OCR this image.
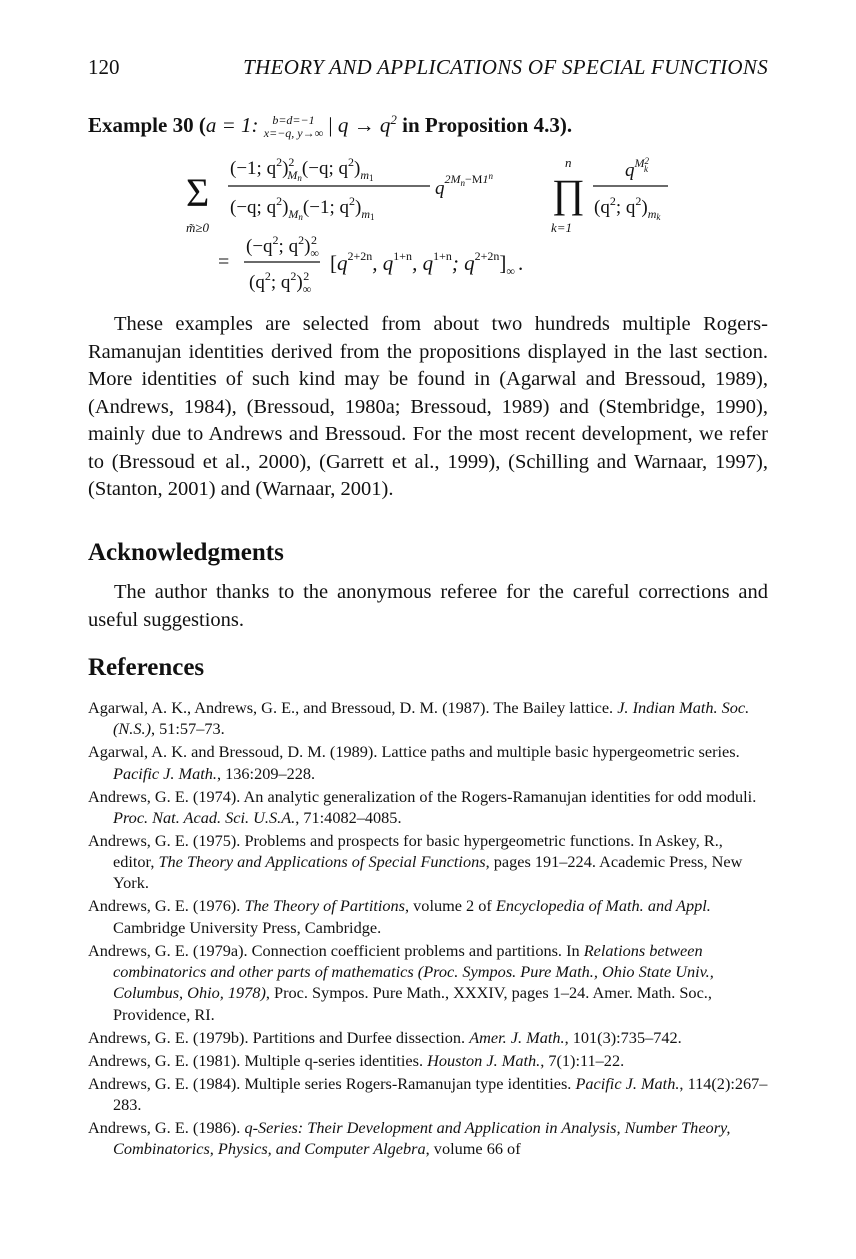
120	THEORY AND APPLICATIONS OF SPECIAL FUNCTIONS
Example 30 (a = 1: b=d=−1
x=−q, y→∞ | $q \to q^2$ in Proposition 4.3).
Σ
m̃≥0
(−1; $q^2)^2$ Mn(−q; $q^2)_m1$
(−q; $q^2)_Mn(-1$; $q^2)_m1$
$q^{2M}n-M1^n$
n
∏
k=1
$q^M2$ k
($q^2$; $q^2)_mk$
=
($-q^2$; $q^2)_\infty 2$
($q^2$; $q^2)_\infty 2$
[$q^{2+2n}$, $q^{1+n}$, $q^{1+n}$; $q^{2+2n}]_\infty$ .

These examples are selected from about two hundreds multiple Rogers-Ramanujan identities derived from the propositions displayed in the last section. More identities of such kind may be found in (Agarwal and Bressoud, 1989), (Andrews, 1984), (Bressoud, 1980a; Bressoud, 1989) and (Stembridge, 1990), mainly due to Andrews and Bressoud. For the most recent development, we refer to (Bressoud et al., 2000), (Garrett et al., 1999), (Schilling and Warnaar, 1997), (Stanton, 2001) and (Warnaar, 2001).

Acknowledgments

The author thanks to the anonymous referee for the careful corrections and useful suggestions.

References

Agarwal, A. K., Andrews, G. E., and Bressoud, D. M. (1987). The Bailey lattice. J. Indian Math. Soc. (N.S.), 51:57–73.

Agarwal, A. K. and Bressoud, D. M. (1989). Lattice paths and multiple basic hypergeometric series. Pacific J. Math., 136:209–228.

Andrews, G. E. (1974). An analytic generalization of the Rogers-Ramanujan identities for odd moduli. Proc. Nat. Acad. Sci. U.S.A., 71:4082–4085.

Andrews, G. E. (1975). Problems and prospects for basic hypergeometric functions. In Askey, R., editor, The Theory and Applications of Special Functions, pages 191–224. Academic Press, New York.

Andrews, G. E. (1976). The Theory of Partitions, volume 2 of Encyclopedia of Math. and Appl. Cambridge University Press, Cambridge.

Andrews, G. E. (1979a). Connection coefficient problems and partitions. In Relations between combinatorics and other parts of mathematics (Proc. Sympos. Pure Math., Ohio State Univ., Columbus, Ohio, 1978), Proc. Sympos. Pure Math., XXXIV, pages 1–24. Amer. Math. Soc., Providence, RI.

Andrews, G. E. (1979b). Partitions and Durfee dissection. Amer. J. Math., 101(3):735–742.

Andrews, G. E. (1981). Multiple q-series identities. Houston J. Math., 7(1):11–22.

Andrews, G. E. (1984). Multiple series Rogers-Ramanujan type identities. Pacific J. Math., 114(2):267–283.

Andrews, G. E. (1986). q-Series: Their Development and Application in Analysis, Number Theory, Combinatorics, Physics, and Computer Algebra, volume 66 of
